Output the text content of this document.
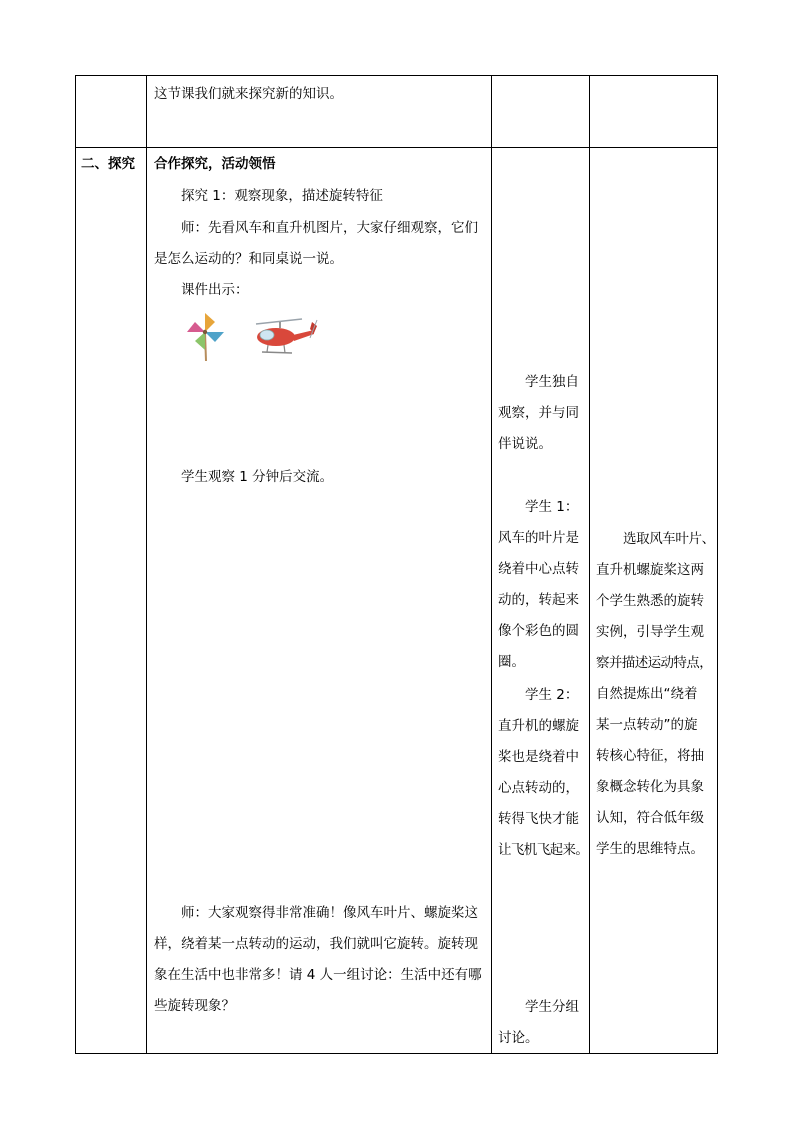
这节课我们就来探究新的知识。
二、探究 合作探究，活动领悟
探究 1：观察现象，描述旋转特征
师：先看风车和直升机图片，大家仔细观察，它们
是怎么运动的？和同桌说一说。
课件出示：
学生观察 1 分钟后交流。
师：大家观察得非常准确！像风车叶片、螺旋桨这
样，绕着某一点转动的运动，我们就叫它旋转。旋转现
象在生活中也非常多！请 4 人一组讨论：生活中还有哪
些旋转现象？
学生独自
观察，并与同
伴说说。
学生 1：
风车的叶片是
绕着中心点转
动的，转起来
像个彩色的圆
圈。
学生 2：
直升机的螺旋
桨也是绕着中
心点转动的，
转得飞快才能
让飞机飞起来。
学生分组
讨论。
选取风车叶片、
直升机螺旋桨这两
个学生熟悉的旋转
实例，引导学生观
察并描述运动特点，
自然提炼出“绕着
某一点转动”的旋
转核心特征，将抽
象概念转化为具象
认知，符合低年级
学生的思维特点。
